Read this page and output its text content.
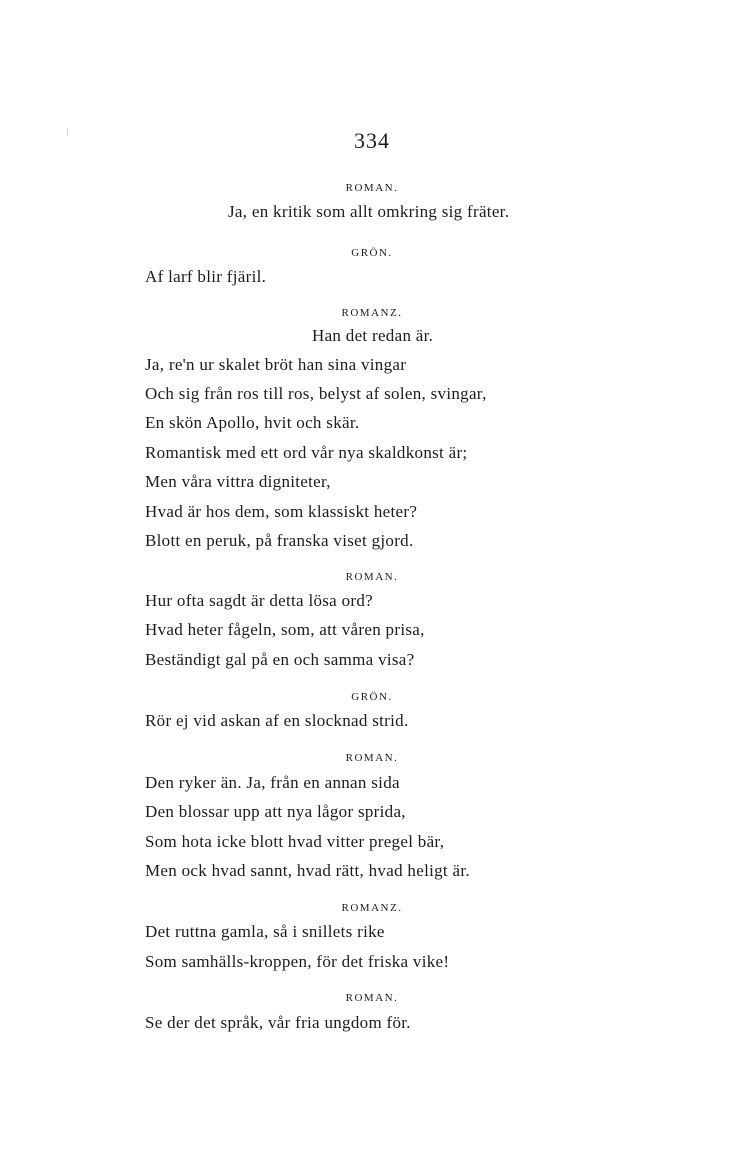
334
ROMAN.
Ja, en kritik som allt omkring sig fräter.
GRÖN.
Af larf blir fjäril.
ROMANZ.
Han det redan är.
Ja, re'n ur skalet bröt han sina vingar
Och sig från ros till ros, belyst af solen, svingar,
En skön Apollo, hvit och skär.
Romantisk med ett ord vår nya skaldkonst är;
Men våra vittra digniteter,
Hvad är hos dem, som klassiskt heter?
Blott en peruk, på franska viset gjord.
ROMAN.
Hur ofta sagdt är detta lösa ord?
Hvad heter fågeln, som, att våren prisa,
Beständigt gal på en och samma visa?
GRÖN.
Rör ej vid askan af en slocknad strid.
ROMAN.
Den ryker än. Ja, från en annan sida
Den blossar upp att nya lågor sprida,
Som hota icke blott hvad vitter pregel bär,
Men ock hvad sannt, hvad rätt, hvad heligt är.
ROMANZ.
Det ruttna gamla, så i snillets rike
Som samhälls-kroppen, för det friska vike!
ROMAN.
Se der det språk, vår fria ungdom för.
